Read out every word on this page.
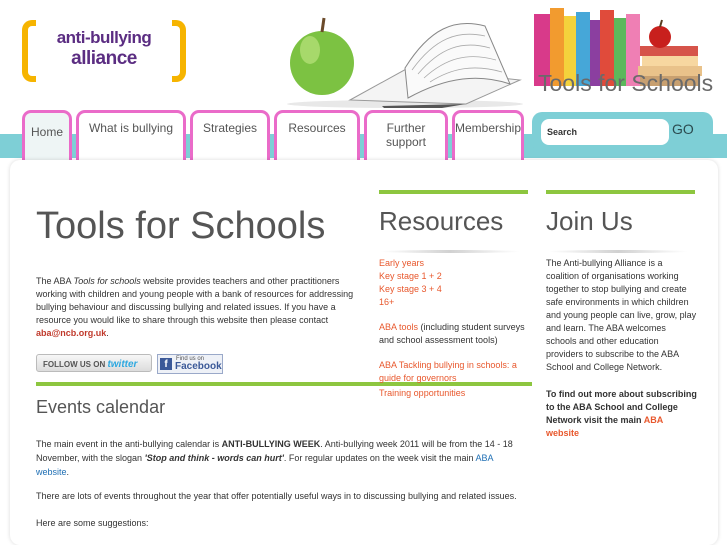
anti-bullying
alliance
Tools for Schools
Home	What is bullying	Strategies	Resources	Further support
Membership
Search	GO
Tools for Schools
The ABA Tools for schools website provides teachers and other practitioners working with children and young people with a bank of resources for addressing bullying behaviour and discussing bullying and related issues. If you have a resource you would like to share through this website then please contact aba@ncb.org.uk.
FOLLOW US ON twitter	f	Find us on
Facebook
Events calendar
The main event in the anti-bullying calendar is ANTI-BULLYING WEEK. Anti-bullying week 2011 will be from the 14 - 18 November, with the slogan 'Stop and think - words can hurt'. For regular updates on the week visit the main ABA website.
There are lots of events throughout the year that offer potentially useful ways in to discussing bullying and related issues.
Here are some suggestions:
Resources
Early years
Key stage 1 + 2
Key stage 3 + 4
16+
ABA tools (including student surveys and school assessment tools)
ABA Tackling bullying in schools: a guide for governors
Training opportunities
Join Us
The Anti-bullying Alliance is a coalition of organisations working together to stop bullying and create safe environments in which children and young people can live, grow, play and learn. The ABA welcomes schools and other education providers to subscribe to the ABA School and College Network.
To find out more about subscribing to the ABA School and College Network visit the main ABA website
